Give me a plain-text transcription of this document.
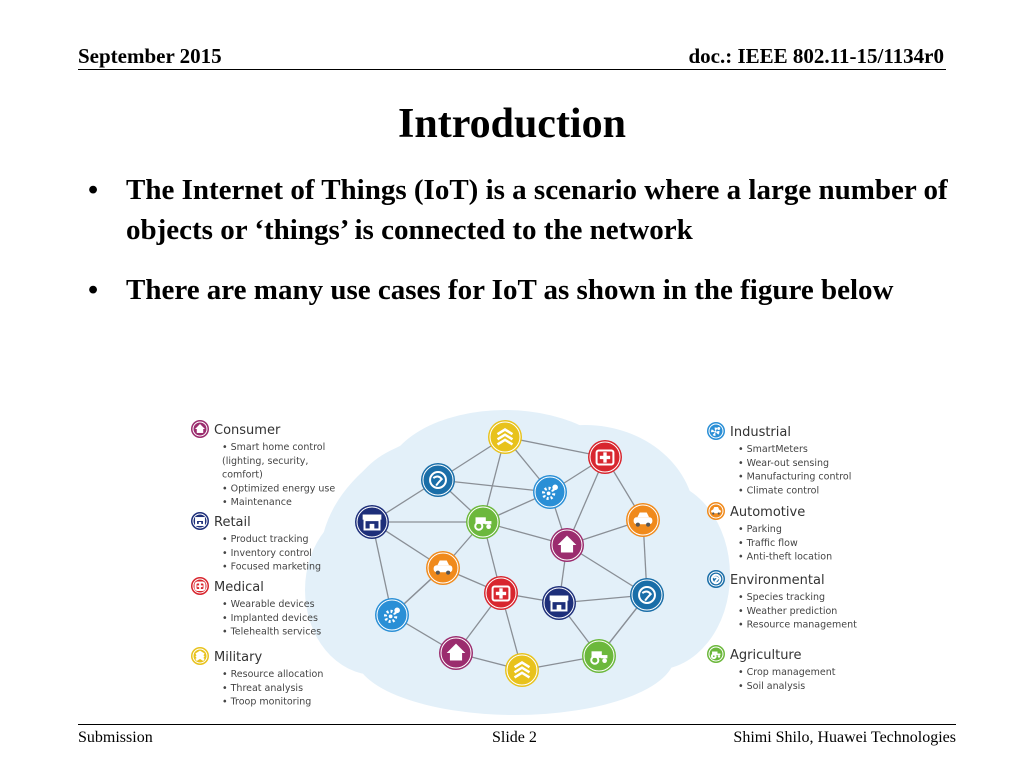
September 2015	doc.: IEEE 802.11-15/1134r0
Introduction
• The Internet of Things (IoT) is a scenario where a large number of objects or ‘things’ is connected to the network
• There are many use cases for IoT as shown in the figure below
Consumer
• Smart home control
(lighting, security,
comfort)
• Optimized energy use
• Maintenance
Retail
• Product tracking
• Inventory control
• Focused marketing
Medical
• Wearable devices
• Implanted devices
• Telehealth services
Military
• Resource allocation
• Threat analysis
• Troop monitoring
Industrial
• SmartMeters
• Wear-out sensing
• Manufacturing control
• Climate control
Automotive
• Parking
• Traffic flow
• Anti-theft location
Environmental
• Species tracking
• Weather prediction
• Resource management
Agriculture
• Crop management
• Soil analysis
Submission	Slide 2	Shimi Shilo, Huawei Technologies
